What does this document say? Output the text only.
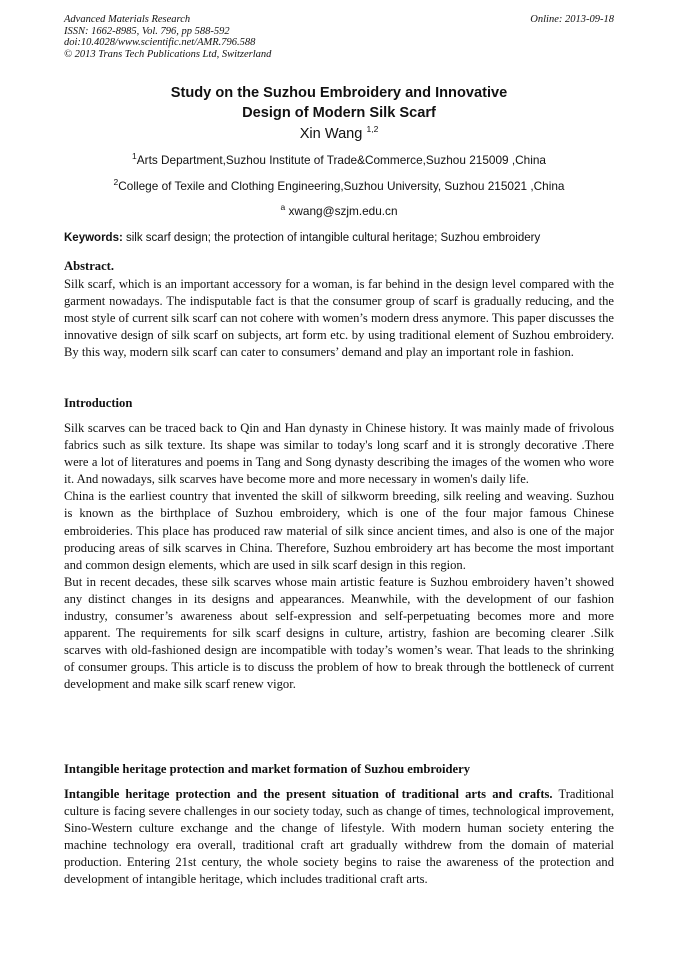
Advanced Materials Research
ISSN: 1662-8985, Vol. 796, pp 588-592
doi:10.4028/www.scientific.net/AMR.796.588
© 2013 Trans Tech Publications Ltd, Switzerland
Online: 2013-09-18
Study on the Suzhou Embroidery and Innovative
Design of Modern Silk Scarf
Xin Wang $^{1,2}$
$^1$Arts Department,Suzhou Institute of Trade&Commerce,Suzhou 215009 ,China
$^2$College of Texile and Clothing Engineering,Suzhou University, Suzhou 215021 ,China
$^a$ xwang@szjm.edu.cn
Keywords: silk scarf design; the protection of intangible cultural heritage; Suzhou embroidery
Abstract.

Silk scarf, which is an important accessory for a woman, is far behind in the design level compared with the garment nowadays. The indisputable fact is that the consumer group of scarf is gradually reducing, and the most style of current silk scarf can not cohere with women’s modern dress anymore. This paper discusses the innovative design of silk scarf on subjects, art form etc. by using traditional element of Suzhou embroidery. By this way, modern silk scarf can cater to consumers’ demand and play an important role in fashion.

Introduction

Silk scarves can be traced back to Qin and Han dynasty in Chinese history. It was mainly made of frivolous fabrics such as silk texture. Its shape was similar to today's long scarf and it is strongly decorative .There were a lot of literatures and poems in Tang and Song dynasty describing the images of the women who wore it. And nowadays, silk scarves have become more and more necessary in women's daily life.

China is the earliest country that invented the skill of silkworm breeding, silk reeling and weaving. Suzhou is known as the birthplace of Suzhou embroidery, which is one of the four major famous Chinese embroideries. This place has produced raw material of silk since ancient times, and also is one of the major producing areas of silk scarves in China. Therefore, Suzhou embroidery art has become the most important and common design elements, which are used in silk scarf design in this region.

But in recent decades, these silk scarves whose main artistic feature is Suzhou embroidery haven’t showed any distinct changes in its designs and appearances. Meanwhile, with the development of our fashion industry, consumer’s awareness about self-expression and self-perpetuating becomes more and more apparent. The requirements for silk scarf designs in culture, artistry, fashion are becoming clearer .Silk scarves with old-fashioned design are incompatible with today’s women’s wear. That leads to the shrinking of consumer groups. This article is to discuss the problem of how to break through the bottleneck of current development and make silk scarf renew vigor.

Intangible heritage protection and market formation of Suzhou embroidery

Intangible heritage protection and the present situation of traditional arts and crafts. Traditional culture is facing severe challenges in our society today, such as change of times, technological improvement, Sino-Western culture exchange and the change of lifestyle. With modern human society entering the machine technology era overall, traditional craft art gradually withdrew from the domain of material production. Entering 21st century, the whole society begins to raise the awareness of the protection and development of intangible heritage, which includes traditional craft arts.
